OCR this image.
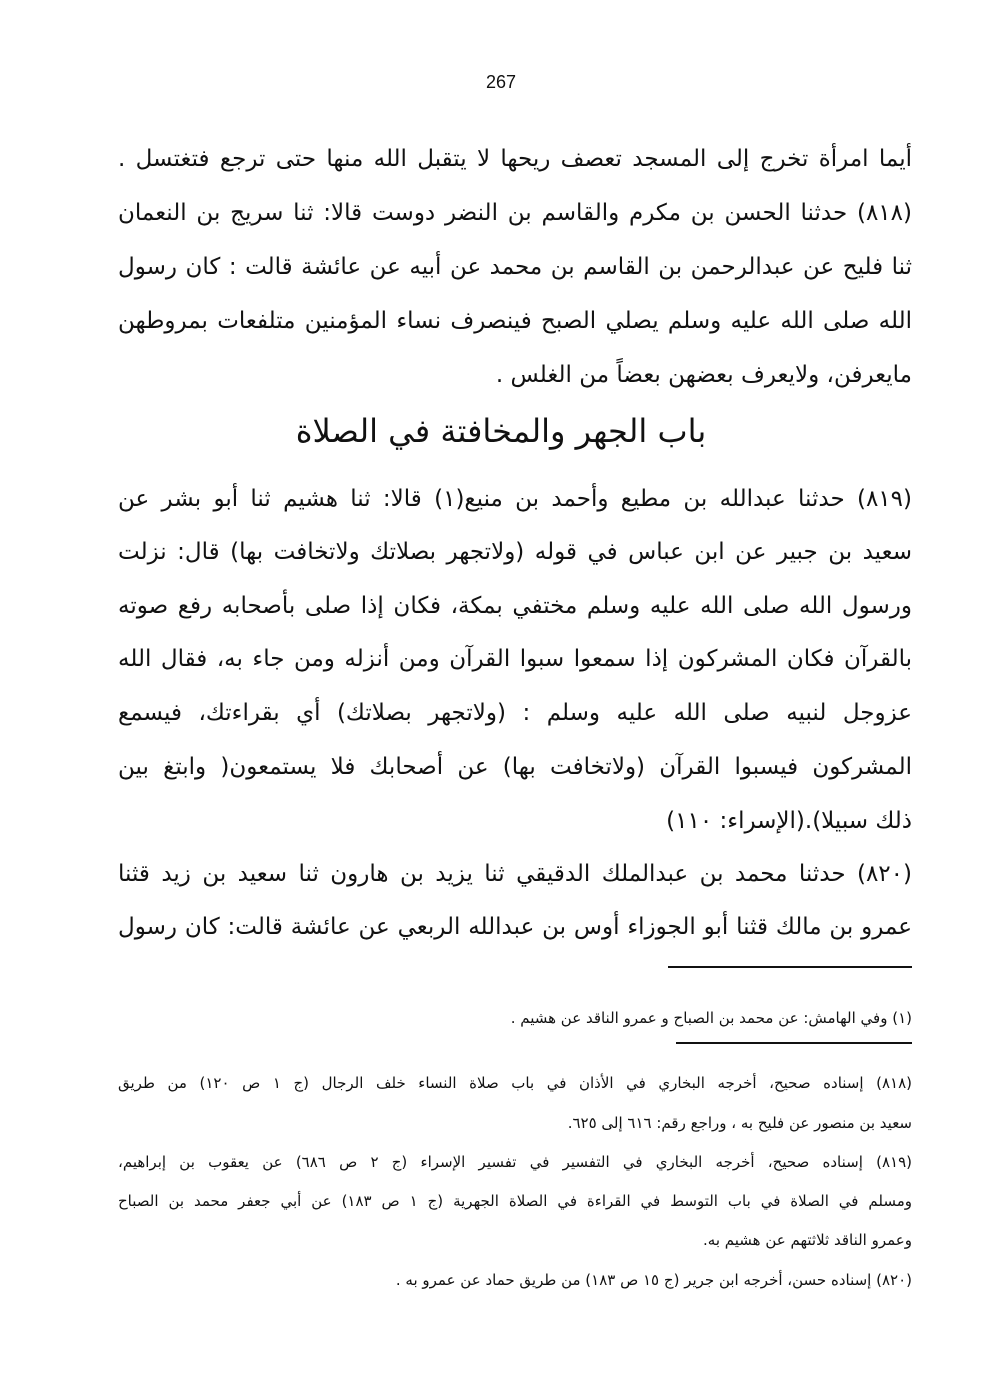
267
أيما امرأة تخرج إلى المسجد تعصف ريحها لا يتقبل الله منها حتى ترجع فتغتسل .
(٨١٨) حدثنا الحسن بن مكرم والقاسم بن النضر دوست قالا: ثنا سريج بن النعمان
ثنا فليح عن عبدالرحمن بن القاسم بن محمد عن أبيه عن عائشة قالت : كان رسول
الله صلى الله عليه وسلم يصلي الصبح فينصرف نساء المؤمنين متلفعات بمروطهن
مايعرفن، ولايعرف بعضهن بعضاً من الغلس .
باب الجهر والمخافتة في الصلاة
(٨١٩) حدثنا عبدالله بن مطيع وأحمد بن منيع(١) قالا: ثنا هشيم ثنا أبو بشر عن
سعيد بن جبير عن ابن عباس في قوله (ولاتجهر بصلاتك ولاتخافت بها) قال: نزلت
ورسول الله صلى الله عليه وسلم مختفي بمكة، فكان إذا صلى بأصحابه رفع صوته
بالقرآن فكان المشركون إذا سمعوا سبوا القرآن ومن أنزله ومن جاء به، فقال الله
عزوجل لنبيه صلى الله عليه وسلم : (ولاتجهر بصلاتك) أي بقراءتك، فيسمع
المشركون فيسبوا القرآن (ولاتخافت بها) عن أصحابك فلا يستمعون( وابتغ بين
ذلك سبيلا).(الإسراء: ١١٠)
(٨٢٠) حدثنا محمد بن عبدالملك الدقيقي ثنا يزيد بن هارون ثنا سعيد بن زيد قثنا
عمرو بن مالك قثنا أبو الجوزاء أوس بن عبدالله الربعي عن عائشة قالت: كان رسول
(١) وفي الهامش: عن محمد بن الصباح و عمرو الناقد عن هشيم .
(٨١٨) إسناده صحيح، أخرجه البخاري في الأذان في باب صلاة النساء خلف الرجال (ج ١ ص ١٢٠) من طريق
سعيد بن منصور عن فليح به ، وراجع رقم: ٦١٦ إلى ٦٢٥.
(٨١٩) إسناده صحيح، أخرجه البخاري في التفسير في تفسير الإسراء (ج ٢ ص ٦٨٦) عن يعقوب بن إبراهيم،
ومسلم في الصلاة في باب التوسط في القراءة في الصلاة الجهرية (ج ١ ص ١٨٣) عن أبي جعفر محمد بن الصباح
وعمرو الناقد ثلاثتهم عن هشيم به.
(٨٢٠) إسناده حسن، أخرجه ابن جرير (ج ١٥ ص ١٨٣) من طريق حماد عن عمرو به .
